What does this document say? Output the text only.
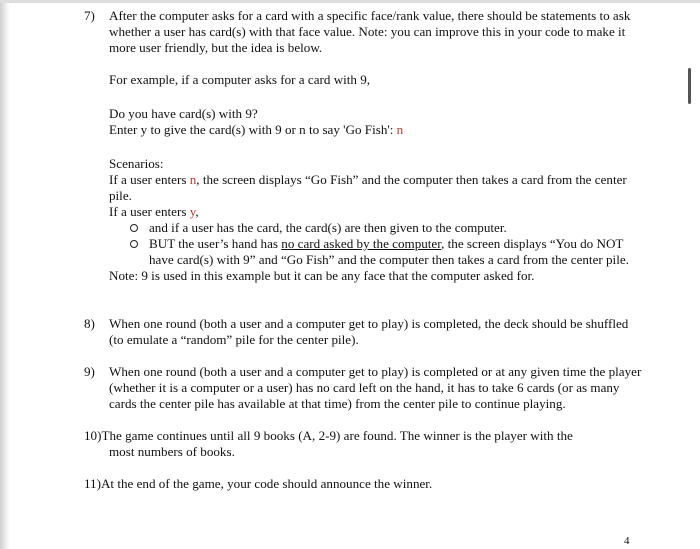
7) After the computer asks for a card with a specific face/rank value, there should be statements to ask whether a user has card(s) with that face value. Note: you can improve this in your code to make it more user friendly, but the idea is below.

For example, if a computer asks for a card with 9,

Do you have card(s) with 9?

Enter y to give the card(s) with 9 or n to say 'Go Fish': n

Scenarios:

If a user enters n, the screen displays “Go Fish” and the computer then takes a card from the center pile.

If a user enters y,

and if a user has the card, the card(s) are then given to the computer.
BUT the user’s hand has no card asked by the computer, the screen displays “You do NOT have card(s) with 9” and “Go Fish” and the computer then takes a card from the center pile.

Note: 9 is used in this example but it can be any face that the computer asked for.

8) When one round (both a user and a computer get to play) is completed, the deck should be shuffled (to emulate a “random” pile for the center pile).

9) When one round (both a user and a computer get to play) is completed or at any given time the player (whether it is a computer or a user) has no card left on the hand, it has to take 6 cards (or as many cards the center pile has available at that time) from the center pile to continue playing.

10)The game continues until all 9 books (A, 2-9) are found. The winner is the player with the

most numbers of books.

11)At the end of the game, your code should announce the winner.

4
